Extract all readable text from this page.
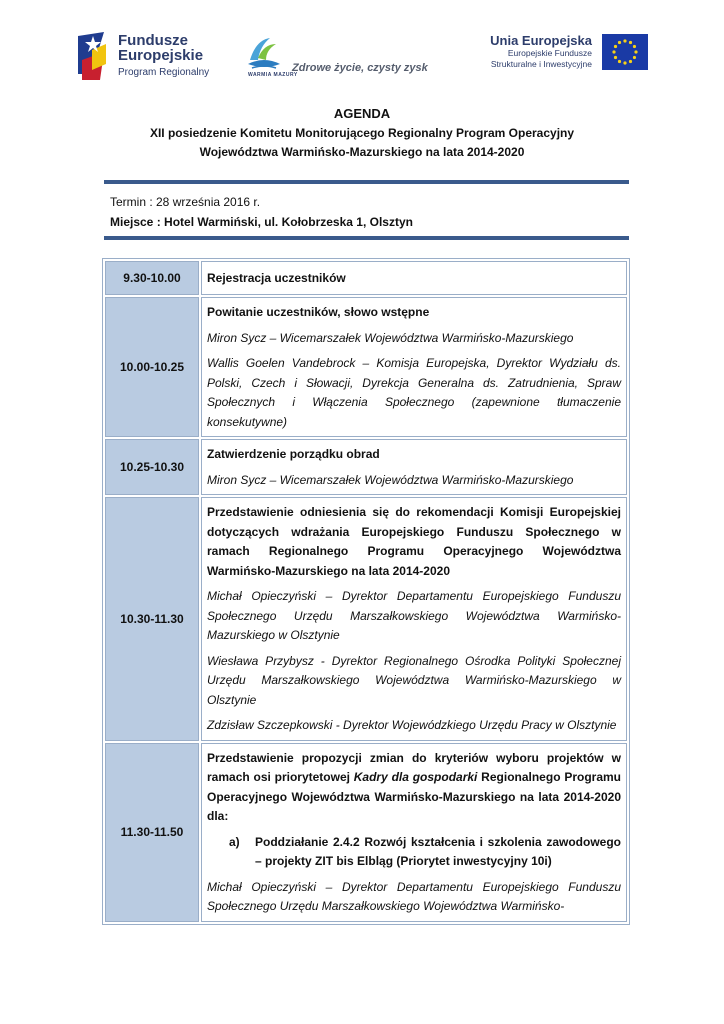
Fundusze
Europejskie
Program Regionalny	WARMIA MAZURY
Zdrowe życie, czysty zysk
Unia Europejska
Europejskie Fundusze
Strukturalne i Inwestycyjne
AGENDA
XII posiedzenie Komitetu Monitorującego Regionalny Program Operacyjny
Województwa Warmińsko-Mazurskiego na lata 2014-2020
Termin : 28 września 2016 r.
Miejsce : Hotel Warmiński, ul. Kołobrzeska 1, Olsztyn
9.30-10.00	Rejestracja uczestników

10.00-10.25	Powitanie uczestników, słowo wstępne
Miron Sycz – Wicemarszałek Województwa Warmińsko-Mazurskiego
Wallis Goelen Vandebrock – Komisja Europejska, Dyrektor Wydziału ds. Polski, Czech i Słowacji, Dyrekcja Generalna ds. Zatrudnienia, Spraw Społecznych i Włączenia Społecznego (zapewnione tłumaczenie konsekutywne)

10.25-10.30	Zatwierdzenie porządku obrad
Miron Sycz – Wicemarszałek Województwa Warmińsko-Mazurskiego

10.30-11.30	Przedstawienie odniesienia się do rekomendacji Komisji Europejskiej dotyczących wdrażania Europejskiego Funduszu Społecznego w ramach Regionalnego Programu Operacyjnego Województwa Warmińsko-Mazurskiego na lata 2014-2020
Michał Opieczyński – Dyrektor Departamentu Europejskiego Funduszu Społecznego Urzędu Marszałkowskiego Województwa Warmińsko-Mazurskiego w Olsztynie
Wiesława Przybysz - Dyrektor Regionalnego Ośrodka Polityki Społecznej Urzędu Marszałkowskiego Województwa Warmińsko-Mazurskiego w Olsztynie
Zdzisław Szczepkowski - Dyrektor Wojewódzkiego Urzędu Pracy w Olsztynie

11.30-11.50	Przedstawienie propozycji zmian do kryteriów wyboru projektów w ramach osi priorytetowej Kadry dla gospodarki Regionalnego Programu Operacyjnego Województwa Warmińsko-Mazurskiego na lata 2014-2020 dla:
a) Poddziałanie 2.4.2 Rozwój kształcenia i szkolenia zawodowego – projekty ZIT bis Elbląg (Priorytet inwestycyjny 10i)
Michał Opieczyński – Dyrektor Departamentu Europejskiego Funduszu Społecznego Urzędu Marszałkowskiego Województwa Warmińsko-
